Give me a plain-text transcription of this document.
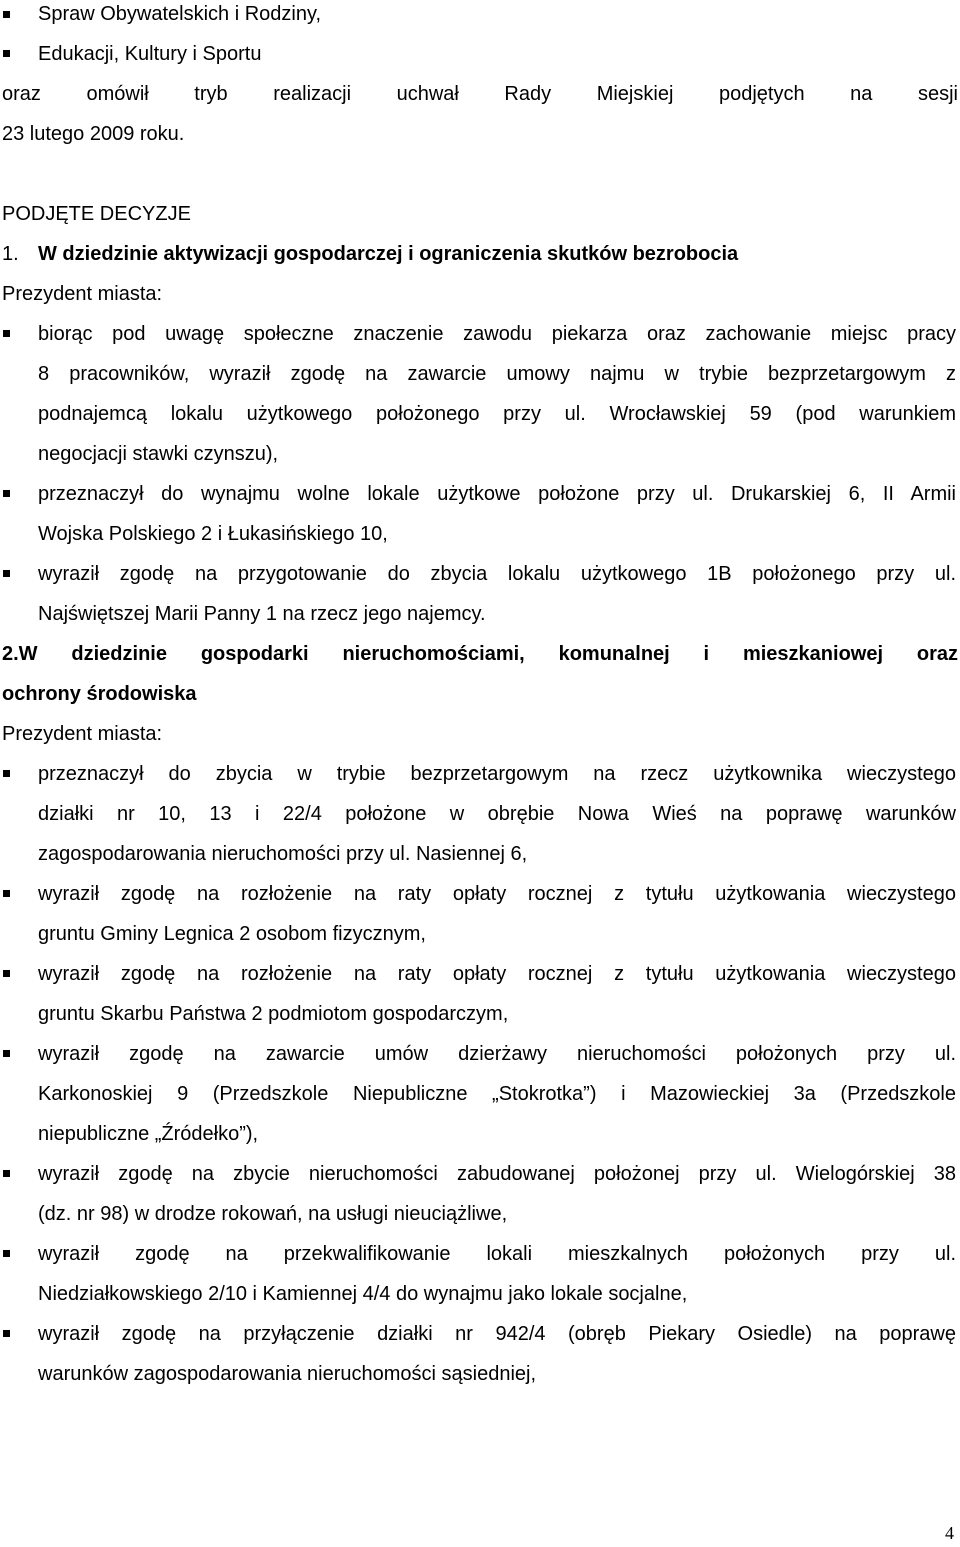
Spraw Obywatelskich i Rodziny,
Edukacji, Kultury i Sportu
oraz omówił tryb realizacji uchwał Rady Miejskiej podjętych na sesji
23 lutego 2009 roku.
PODJĘTE DECYZJE
1. W dziedzinie aktywizacji gospodarczej i ograniczenia skutków bezrobocia
Prezydent miasta:
biorąc pod uwagę społeczne znaczenie zawodu piekarza oraz zachowanie miejsc pracy
8 pracowników, wyraził zgodę na zawarcie umowy najmu w trybie bezprzetargowym z
podnajemcą lokalu użytkowego położonego przy ul. Wrocławskiej 59 (pod warunkiem
negocjacji stawki czynszu),
przeznaczył do wynajmu wolne lokale użytkowe położone przy ul. Drukarskiej 6, II Armii
Wojska Polskiego 2 i Łukasińskiego 10,
wyraził zgodę na przygotowanie do zbycia lokalu użytkowego 1B położonego przy ul.
Najświętszej Marii Panny 1 na rzecz jego najemcy.
2.W dziedzinie gospodarki nieruchomościami, komunalnej i mieszkaniowej oraz
ochrony środowiska
Prezydent miasta:
przeznaczył do zbycia w trybie bezprzetargowym na rzecz użytkownika wieczystego
działki nr 10, 13 i 22/4 położone w obrębie Nowa Wieś na poprawę warunków
zagospodarowania nieruchomości przy ul. Nasiennej 6,
wyraził zgodę na rozłożenie na raty opłaty rocznej z tytułu użytkowania wieczystego
gruntu Gminy Legnica 2 osobom fizycznym,
wyraził zgodę na rozłożenie na raty opłaty rocznej z tytułu użytkowania wieczystego
gruntu Skarbu Państwa 2 podmiotom gospodarczym,
wyraził zgodę na zawarcie umów dzierżawy nieruchomości położonych przy ul.
Karkonoskiej 9 (Przedszkole Niepubliczne „Stokrotka”) i Mazowieckiej 3a (Przedszkole
niepubliczne „Źródełko”),
wyraził zgodę na zbycie nieruchomości zabudowanej położonej przy ul. Wielogórskiej 38
(dz. nr 98) w drodze rokowań, na usługi nieuciążliwe,
wyraził zgodę na przekwalifikowanie lokali mieszkalnych położonych przy ul.
Niedziałkowskiego 2/10 i Kamiennej 4/4 do wynajmu jako lokale socjalne,
wyraził zgodę na przyłączenie działki nr 942/4 (obręb Piekary Osiedle) na poprawę
warunków zagospodarowania nieruchomości sąsiedniej,
4
